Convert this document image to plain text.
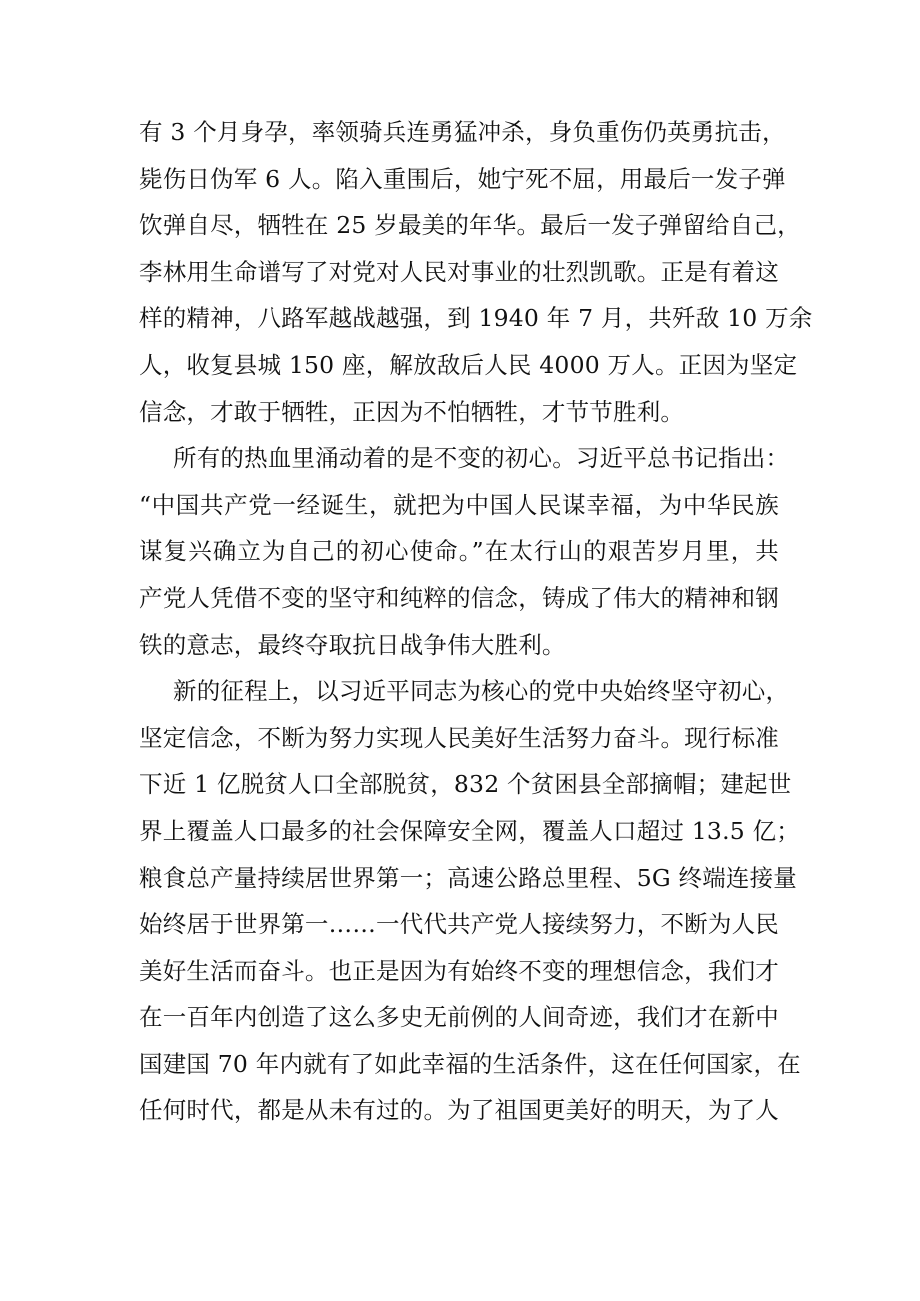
有 3 个月身孕，率领骑兵连勇猛冲杀，身负重伤仍英勇抗击，
毙伤日伪军 6 人。陷入重围后，她宁死不屈，用最后一发子弹
饮弹自尽，牺牲在 25 岁最美的年华。最后一发子弹留给自己，
李林用生命谱写了对党对人民对事业的壮烈凯歌。正是有着这
样的精神，八路军越战越强，到 1940 年 7 月，共歼敌 10 万余
人，收复县城 150 座，解放敌后人民 4000 万人。正因为坚定
信念，才敢于牺牲，正因为不怕牺牲，才节节胜利。
所有的热血里涌动着的是不变的初心。习近平总书记指出：
“中国共产党一经诞生，就把为中国人民谋幸福，为中华民族
谋复兴确立为自己的初心使命。”在太行山的艰苦岁月里，共
产党人凭借不变的坚守和纯粹的信念，铸成了伟大的精神和钢
铁的意志，最终夺取抗日战争伟大胜利。
新的征程上，以习近平同志为核心的党中央始终坚守初心，
坚定信念，不断为努力实现人民美好生活努力奋斗。现行标准
下近 1 亿脱贫人口全部脱贫，832 个贫困县全部摘帽；建起世
界上覆盖人口最多的社会保障安全网，覆盖人口超过 13.5 亿；
粮食总产量持续居世界第一；高速公路总里程、5G 终端连接量
始终居于世界第一……一代代共产党人接续努力，不断为人民
美好生活而奋斗。也正是因为有始终不变的理想信念，我们才
在一百年内创造了这么多史无前例的人间奇迹，我们才在新中
国建国 70 年内就有了如此幸福的生活条件，这在任何国家，在
任何时代，都是从未有过的。为了祖国更美好的明天，为了人
